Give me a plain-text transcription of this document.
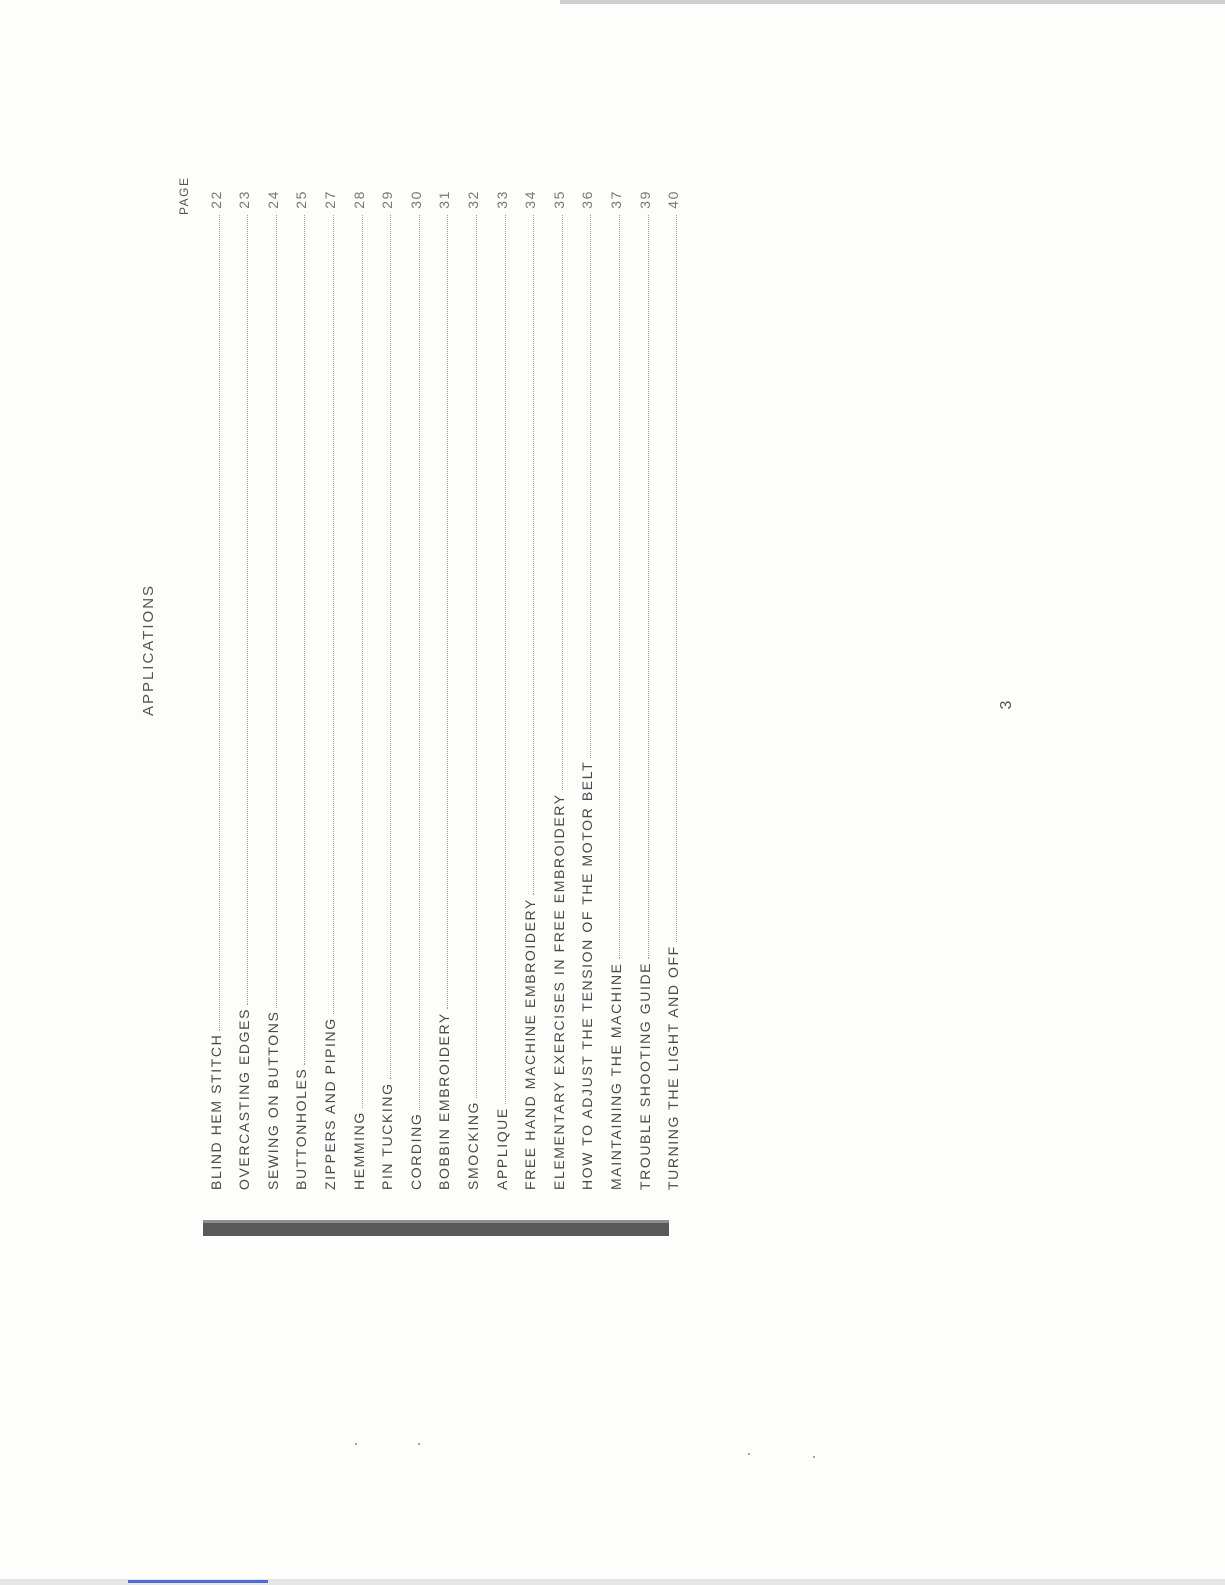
APPLICATIONS
PAGE
BLIND HEM STITCH
22
OVERCASTING EDGES
23
SEWING ON BUTTONS
24
BUTTONHOLES
25
ZIPPERS AND PIPING
27
HEMMING
28
PIN TUCKING
29
CORDING
30
BOBBIN EMBROIDERY
31
SMOCKING
32
APPLIQUE
33
FREE HAND MACHINE EMBROIDERY
34
ELEMENTARY EXERCISES IN FREE EMBROIDERY
35
HOW TO ADJUST THE TENSION OF THE MOTOR BELT
36
MAINTAINING THE MACHINE
37
TROUBLE SHOOTING GUIDE
39
TURNING THE LIGHT AND OFF
40
3
